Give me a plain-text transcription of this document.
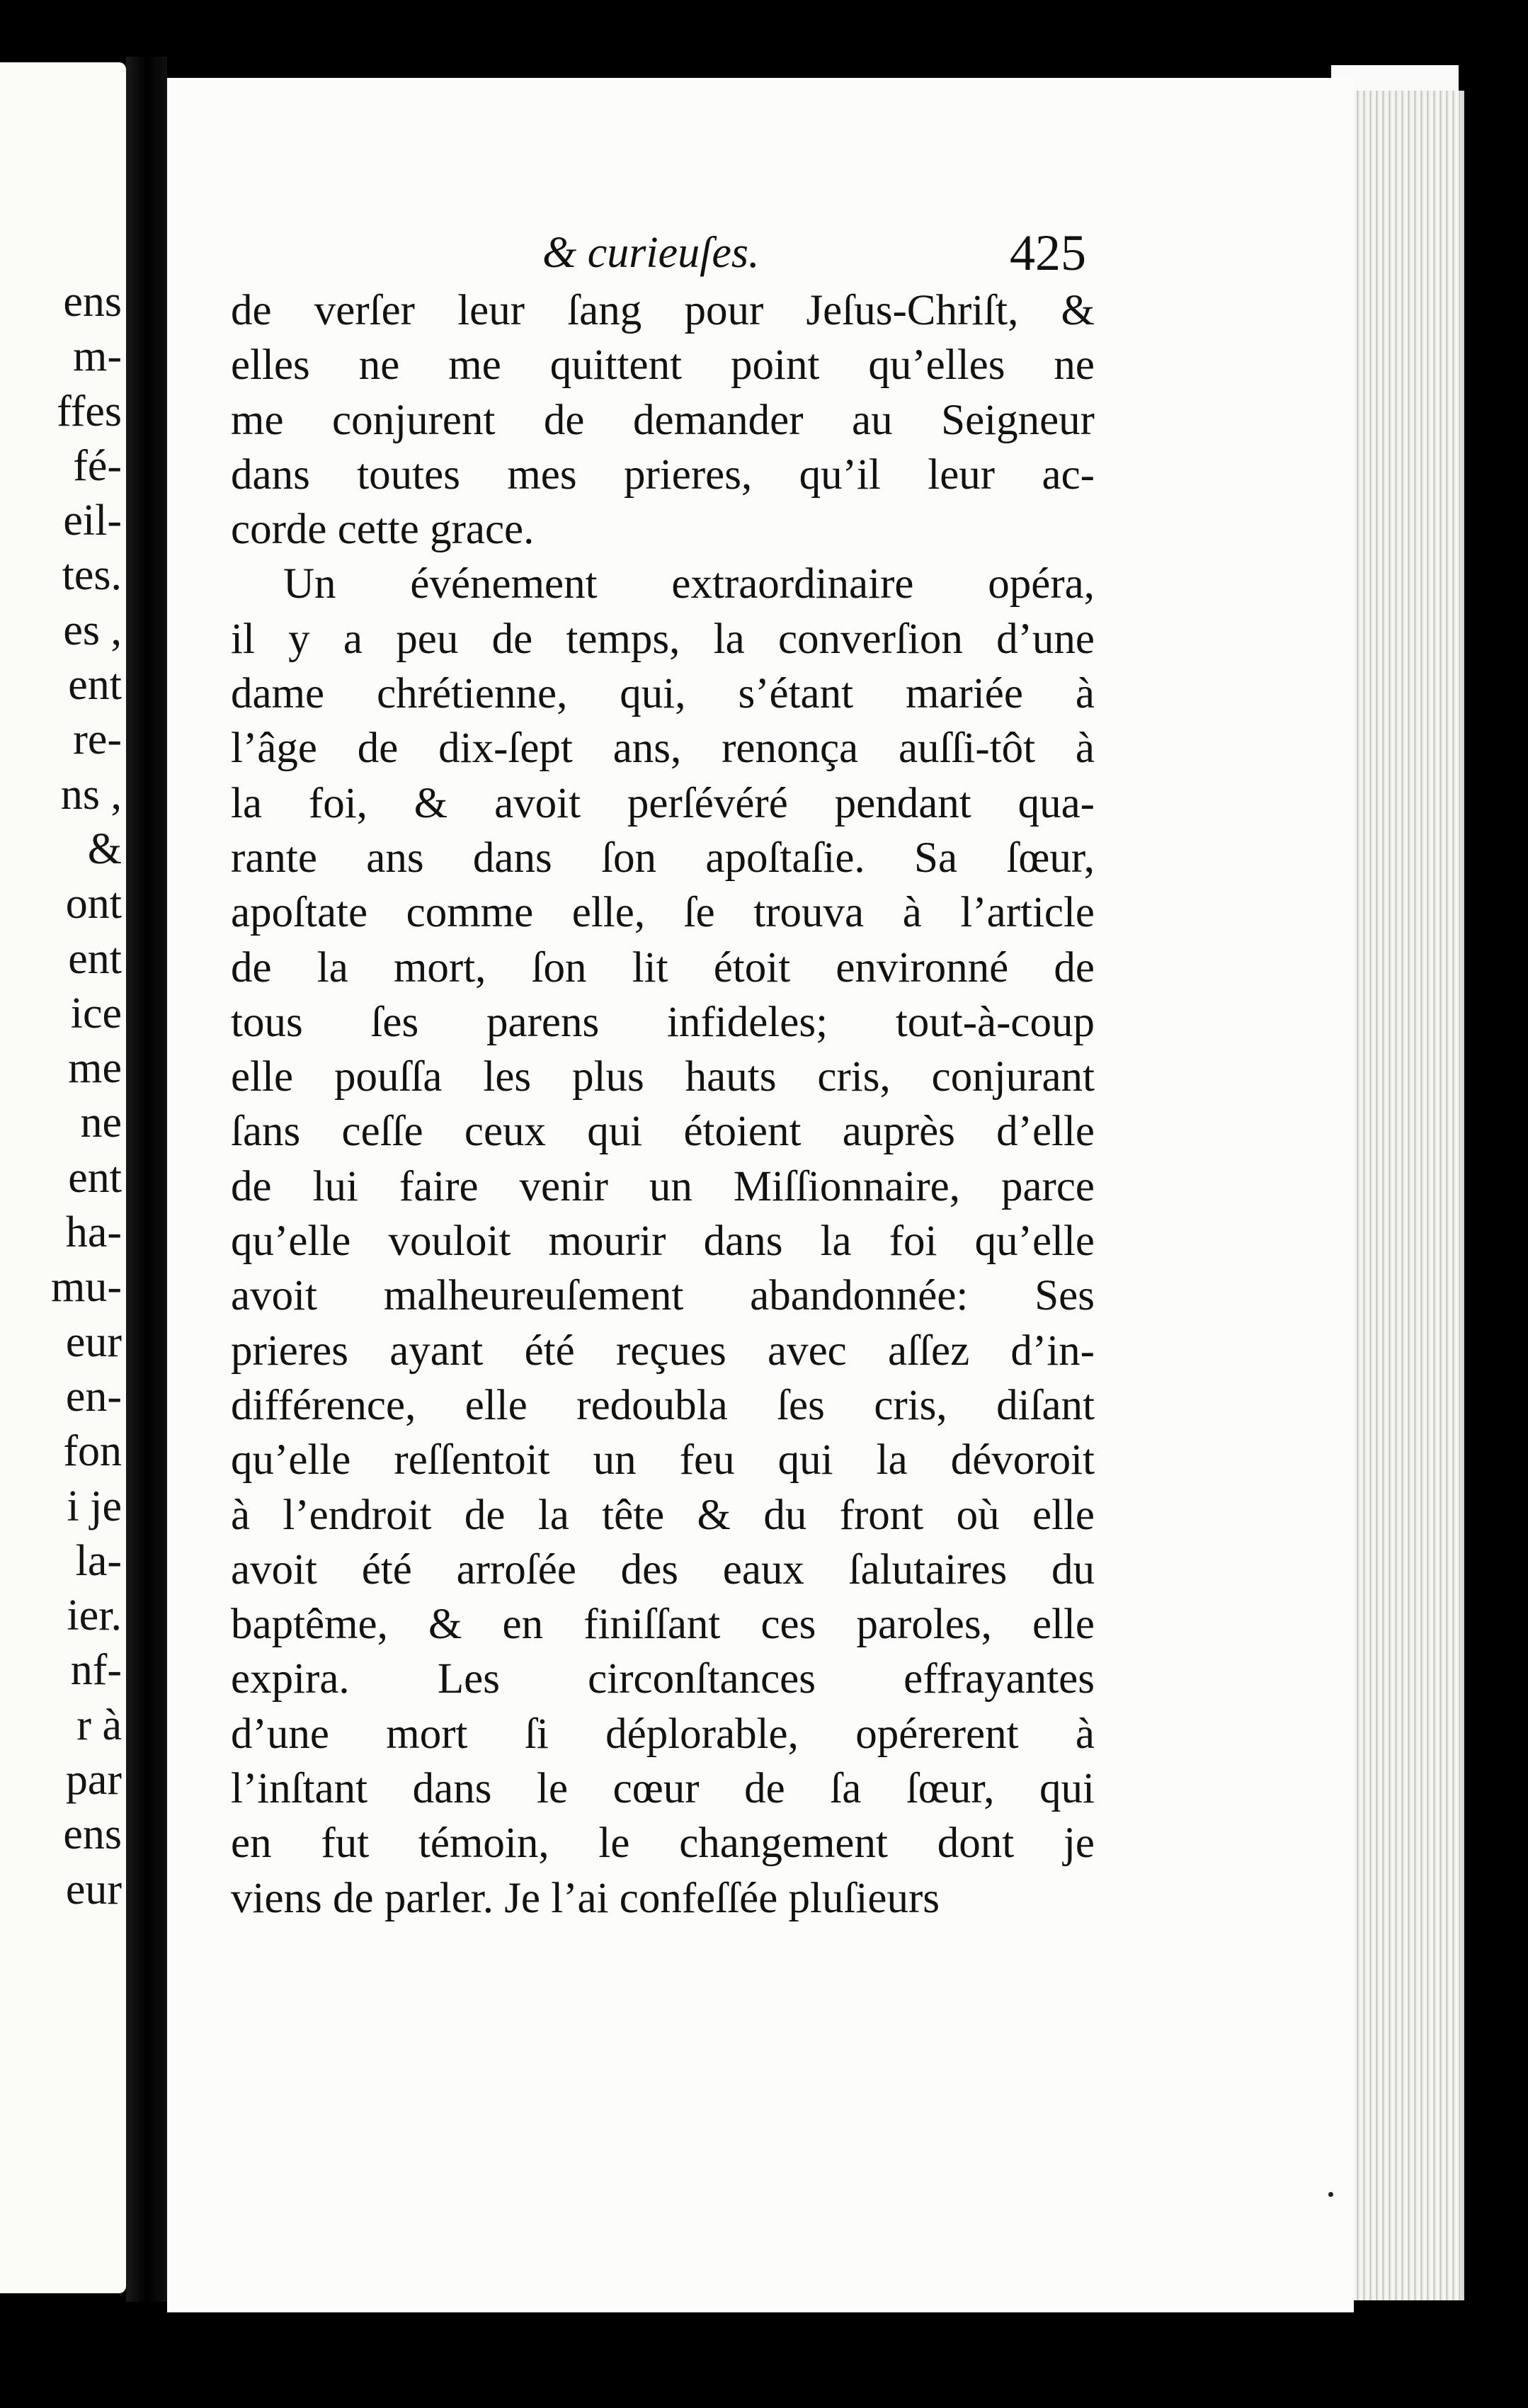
ens
m-
ffes
fé-
eil-
tes.
es ,
ent
re-
ns ,
&
ont
ent
ice
me
ne
ent
ha-
mu-
eur
en-
fon
i je
la-
ier.
nf-
r à
par
ens
eur
& curieuſes.	425
de verſer leur ſang pour Jeſus-Chriſt, &
elles ne me quittent point qu’elles ne
me conjurent de demander au Seigneur
dans toutes mes prieres, qu’il leur ac-
corde cette grace.
Un événement extraordinaire opéra,
il y a peu de temps, la converſion d’une
dame chrétienne, qui, s’étant mariée à
l’âge de dix-ſept ans, renonça auſſi-tôt à
la foi, & avoit perſévéré pendant qua-
rante ans dans ſon apoſtaſie. Sa ſœur,
apoſtate comme elle, ſe trouva à l’article
de la mort, ſon lit étoit environné de
tous ſes parens infideles; tout-à-coup
elle pouſſa les plus hauts cris, conjurant
ſans ceſſe ceux qui étoient auprès d’elle
de lui faire venir un Miſſionnaire, parce
qu’elle vouloit mourir dans la foi qu’elle
avoit malheureuſement abandonnée: Ses
prieres ayant été reçues avec aſſez d’in-
différence, elle redoubla ſes cris, diſant
qu’elle reſſentoit un feu qui la dévoroit
à l’endroit de la tête & du front où elle
avoit été arroſée des eaux ſalutaires du
baptême, & en finiſſant ces paroles, elle
expira. Les circonſtances effrayantes
d’une mort ſi déplorable, opérerent à
l’inſtant dans le cœur de ſa ſœur, qui
en fut témoin, le changement dont je
viens de parler. Je l’ai confeſſée pluſieurs
